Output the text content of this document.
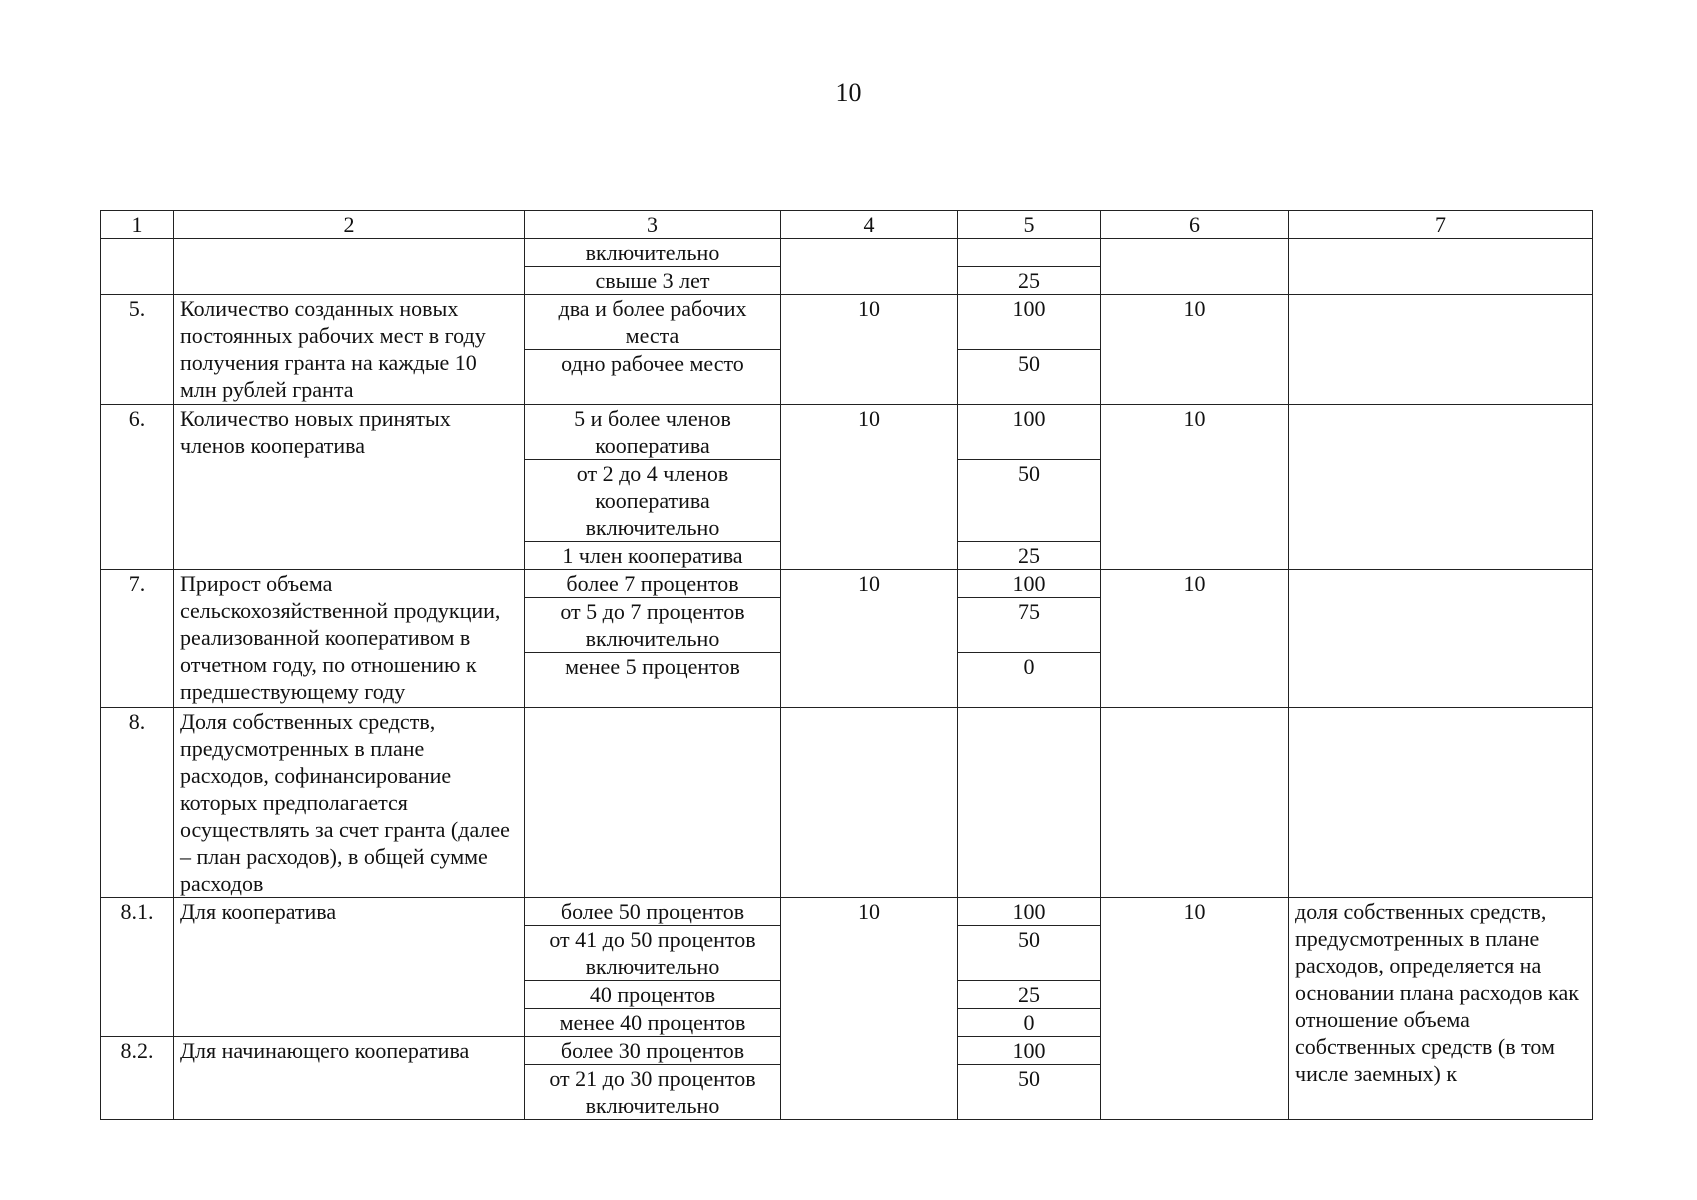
10
1	2	3	4	5	6	7
		включительно				
		свыше 3 лет		25		
5.	Количество созданных новых постоянных рабочих мест в году получения гранта на каждые 10 млн рублей гранта	два и более рабочих места	10	100	10	
		одно рабочее место		50		
6.	Количество новых принятых членов кооператива	5 и более членов кооператива	10	100	10	
		от 2 до 4 членов кооператива включительно		50		
		1 член кооператива		25		
7.	Прирост объема сельскохозяйственной продукции, реализованной кооперативом в отчетном году, по отношению к предшествующему году	более 7 процентов	10	100	10	
		от 5 до 7 процентов включительно		75		
		менее 5 процентов		0		
8.	Доля собственных средств, предусмотренных в плане расходов, софинансирование которых предполагается осуществлять за счет гранта (далее – план расходов), в общей сумме расходов					
8.1.	Для кооператива	более 50 процентов	10	100	10	доля собственных средств, предусмотренных в плане расходов, определяется на основании плана расходов как отношение объема собственных средств (в том числе заемных) к
		от 41 до 50 процентов включительно		50		
		40 процентов		25		
		менее 40 процентов		0		
8.2.	Для начинающего кооператива	более 30 процентов		100		
		от 21 до 30 процентов включительно		50		
